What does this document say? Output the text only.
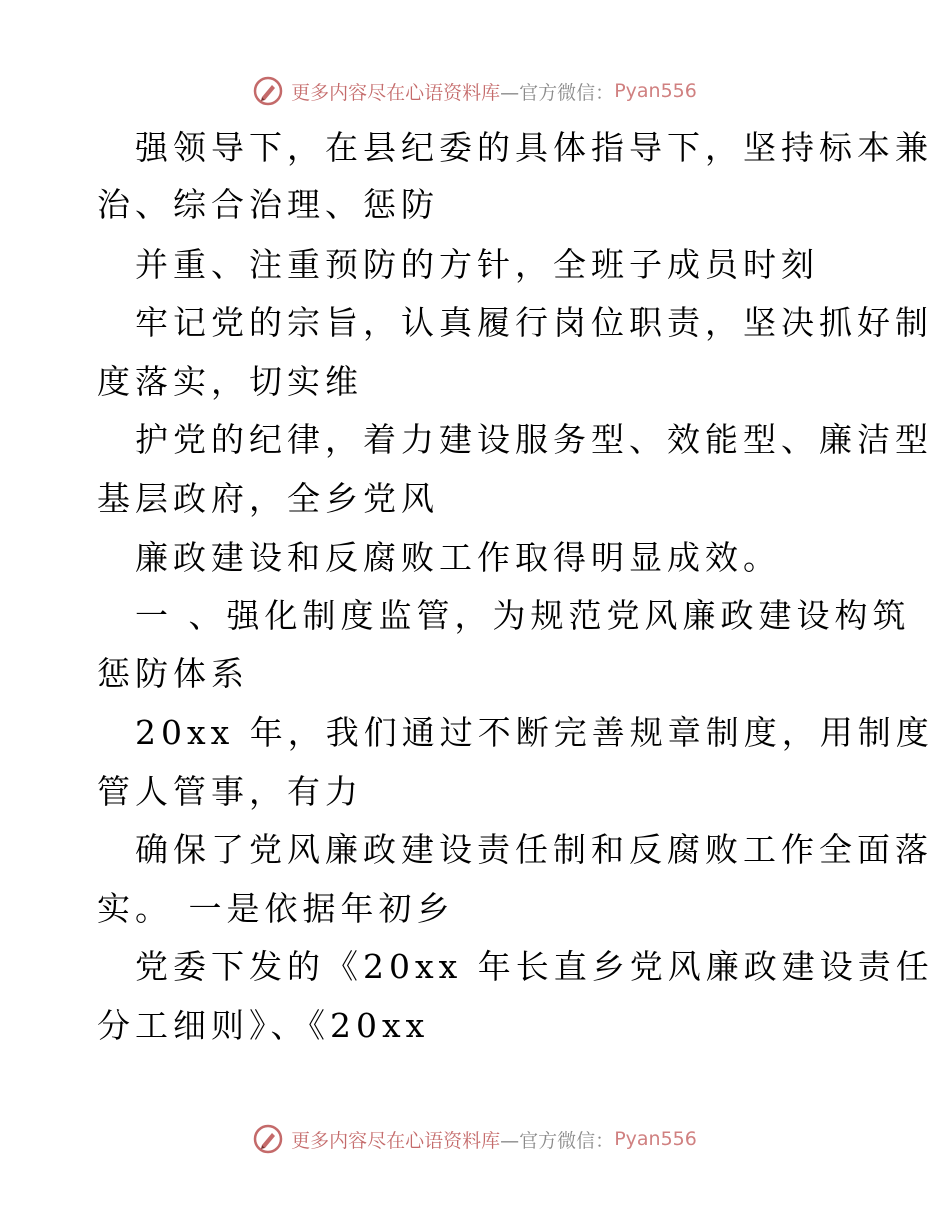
更多内容尽在心语资料库 —官方微信： Pyan556
强领导下，在县纪委的具体指导下，坚持标本兼
治、综合治理、惩防
并重、注重预防的方针，全班子成员时刻
牢记党的宗旨，认真履行岗位职责，坚决抓好制
度落实，切实维
护党的纪律，着力建设服务型、效能型、廉洁型
基层政府，全乡党风
廉政建设和反腐败工作取得明显成效。
一 、强化制度监管，为规范党风廉政建设构筑
惩防体系
20xx 年，我们通过不断完善规章制度，用制度
管人管事，有力
确保了党风廉政建设责任制和反腐败工作全面落
实。 一是依据年初乡
党委下发的《20xx 年长直乡党风廉政建设责任
分工细则》、《20xx
更多内容尽在心语资料库 —官方微信： Pyan556
